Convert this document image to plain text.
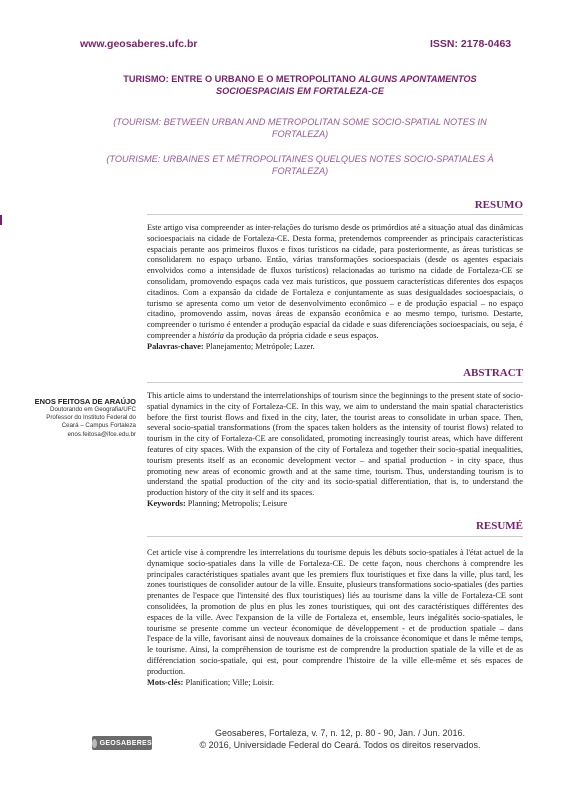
www.geosaberes.ufc.br	ISSN: 2178-0463
TURISMO: ENTRE O URBANO E O METROPOLITANO ALGUNS APONTAMENTOS SOCIOESPACIAIS EM FORTALEZA-CE
(TOURISM: BETWEEN URBAN AND METROPOLITAN SOME SOCIO-SPATIAL NOTES IN FORTALEZA)
(TOURISME: URBAINES ET MÉTROPOLITAINES QUELQUES NOTES SOCIO-SPATIALES À FORTALEZA)
RESUMO
Este artigo visa compreender as inter-relações do turismo desde os primórdios até a situação atual das dinâmicas socioespaciais na cidade de Fortaleza-CE. Desta forma, pretendemos compreender as principais características espaciais perante aos primeiros fluxos e fixos turísticos na cidade, para posteriormente, as áreas turísticas se consolidarem no espaço urbano. Então, várias transformações socioespaciais (desde os agentes espaciais envolvidos como a intensidade de fluxos turísticos) relacionadas ao turismo na cidade de Fortaleza-CE se consolidam, promovendo espaços cada vez mais turísticos, que possuem características diferentes dos espaços citadinos. Com a expansão da cidade de Fortaleza e conjuntamente as suas desigualdades socioespaciais, o turismo se apresenta como um vetor de desenvolvimento econômico – e de produção espacial – no espaço citadino, promovendo assim, novas áreas de expansão econômica e ao mesmo tempo, turismo. Destarte, compreender o turismo é entender a produção espacial da cidade e suas diferenciações socioespaciais, ou seja, é compreender a história da produção da própria cidade e seus espaços.

Palavras-chave: Planejamento; Metrópole; Lazer.

ABSTRACT
This article aims to understand the interrelationships of tourism since the beginnings to the present state of socio-spatial dynamics in the city of Fortaleza-CE. In this way, we aim to understand the main spatial characteristics before the first tourist flows and fixed in the city, later, the tourist areas to consolidate in urban space. Then, several socio-spatial transformations (from the spaces taken holders as the intensity of tourist flows) related to tourism in the city of Fortaleza-CE are consolidated, promoting increasingly tourist areas, which have different features of city spaces. With the expansion of the city of Fortaleza and together their socio-spatial inequalities, tourism presents itself as an economic development vector – and spatial production - in city space, thus promoting new areas of economic growth and at the same time, tourism. Thus, understanding tourism is to understand the spatial production of the city and its socio-spatial differentiation, that is, to understand the production history of the city it self and its spaces.

Keywords: Planning; Metropolis; Leisure

ENOS FEITOSA DE ARAÚJO
Doutorando em Geografia/UFC
Professor do Instituto Federal do
Ceará – Campus Fortaleza
enos.feitosa@ifce.edu.br
RESUMÉ
Cet article vise à comprendre les interrelations du tourisme depuis les débuts socio-spatiales à l'état actuel de la dynamique socio-spatiales dans la ville de Fortaleza-CE. De cette façon, nous cherchons à comprendre les principales caractéristiques spatiales avant que les premiers flux touristiques et fixe dans la ville, plus tard, les zones touristiques de consolider autour de la ville. Ensuite, plusieurs transformations socio-spatiales (des parties prenantes de l'espace que l'intensité des flux touristiques) liés au tourisme dans la ville de Fortaleza-CE sont consolidées, la promotion de plus en plus les zones touristiques, qui ont des caractéristiques différentes des espaces de la ville. Avec l'expansion de la ville de Fortaleza et, ensemble, leurs inégalités socio-spatiales, le tourisme se presente comme un vecteur économique de développement - et de production spatiale – dans l'espace de la ville, favorisant ainsi de nouveaux domaines de la croissance économique et dans le même temps, le tourisme. Ainsi, la compréhension de tourisme est de comprendre la production spatiale de la ville et de as différenciation socio-spatiale, qui est, pour comprendre l'histoire de la ville elle-même et sés espaces de production.

Mots-clés: Planification; Ville; Loisir.

GEOSABERES
Geosaberes, Fortaleza, v. 7, n. 12, p. 80 - 90, Jan. / Jun. 2016.
© 2016, Universidade Federal do Ceará. Todos os direitos reservados.
